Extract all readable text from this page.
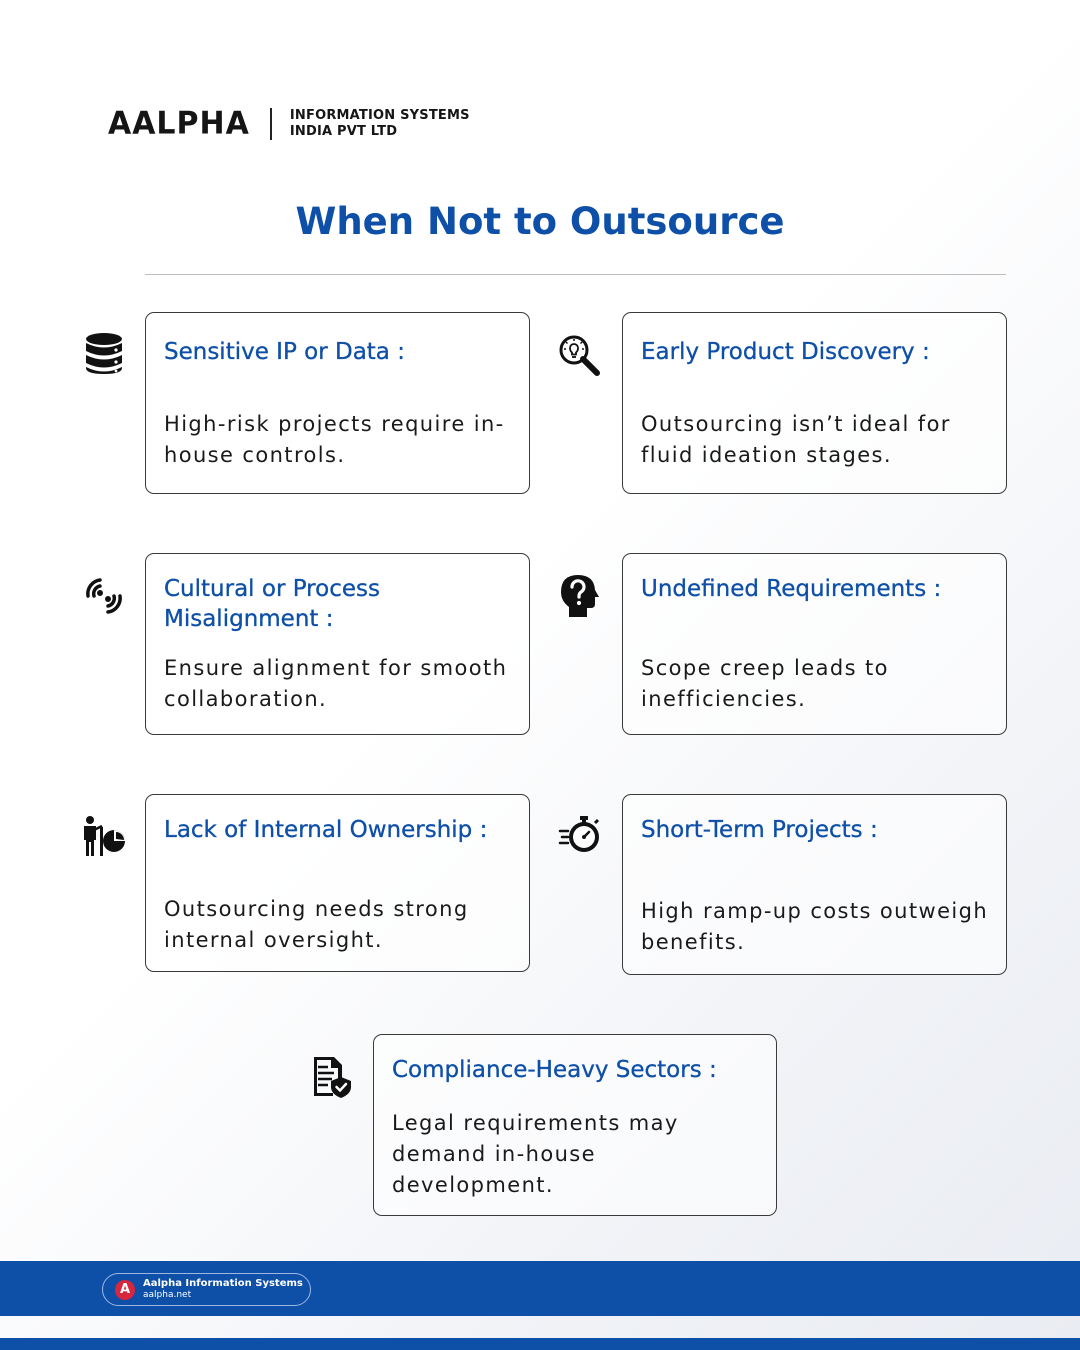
AALPHA	INFORMATION SYSTEMS
INDIA PVT LTD
When Not to Outsource
Sensitive IP or Data :
High-risk projects require in-house controls.
Early Product Discovery :
Outsourcing isn’t ideal for fluid ideation stages.
Cultural or Process Misalignment :
Ensure alignment for smooth collaboration.
Undefined Requirements :
Scope creep leads to inefficiencies.
Lack of Internal Ownership :
Outsourcing needs strong internal oversight.
Short-Term Projects :
High ramp-up costs outweigh benefits.
Compliance-Heavy Sectors :
Legal requirements may demand in-house development.
A	Aalpha Information Systems
aalpha.net
